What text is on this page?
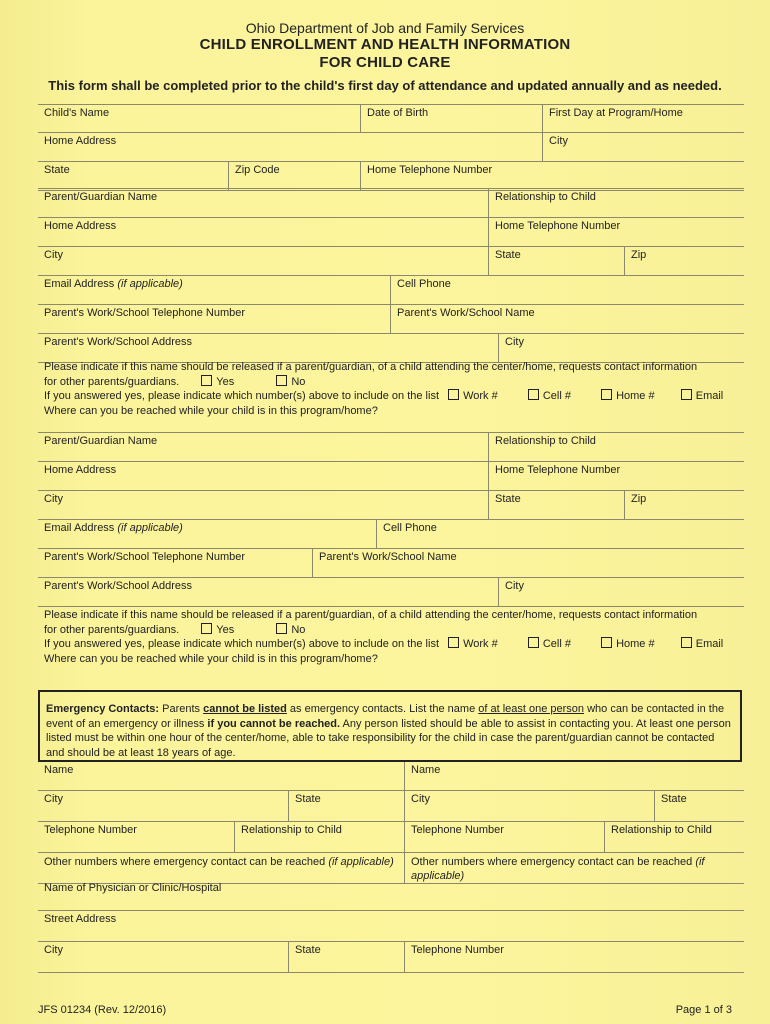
Ohio Department of Job and Family Services
CHILD ENROLLMENT AND HEALTH INFORMATION
FOR CHILD CARE
This form shall be completed prior to the child's first day of attendance and updated annually and as needed.
Child's Name	Date of Birth	First Day at Program/Home
Home Address	City
State	Zip Code	Home Telephone Number
Parent/Guardian Name	Relationship to Child
Home Address	Home Telephone Number
City	State	Zip
Email Address (if applicable)	Cell Phone
Parent's Work/School Telephone Number	Parent's Work/School Name
Parent's Work/School Address	City
Please indicate if this name should be released if a parent/guardian, of a child attending the center/home, requests contact information
for other parents/guardians.	Yes	No
If you answered yes, please indicate which number(s) above to include on the list Work #	Cell #	Home #	Email
Where can you be reached while your child is in this program/home?
Parent/Guardian Name	Relationship to Child
Home Address	Home Telephone Number
City	State	Zip
Email Address (if applicable)	Cell Phone
Parent's Work/School Telephone Number	Parent's Work/School Name
Parent's Work/School Address	City
Please indicate if this name should be released if a parent/guardian, of a child attending the center/home, requests contact information
for other parents/guardians.	Yes	No
If you answered yes, please indicate which number(s) above to include on the list Work #	Cell #	Home #	Email
Where can you be reached while your child is in this program/home?
Emergency Contacts: Parents cannot be listed as emergency contacts. List the name of at least one person who can be contacted in the event of an emergency or illness if you cannot be reached. Any person listed should be able to assist in contacting you. At least one person listed must be within one hour of the center/home, able to take responsibility for the child in case the parent/guardian cannot be contacted and should be at least 18 years of age.
Name	Name
City	State	City	State
Telephone Number	Relationship to Child	Telephone Number	Relationship to Child
Other numbers where emergency contact can be reached (if applicable)	Other numbers where emergency contact can be reached (if applicable)
Name of Physician or Clinic/Hospital
Street Address
City	State	Telephone Number
JFS 01234 (Rev. 12/2016)	Page 1 of 3
